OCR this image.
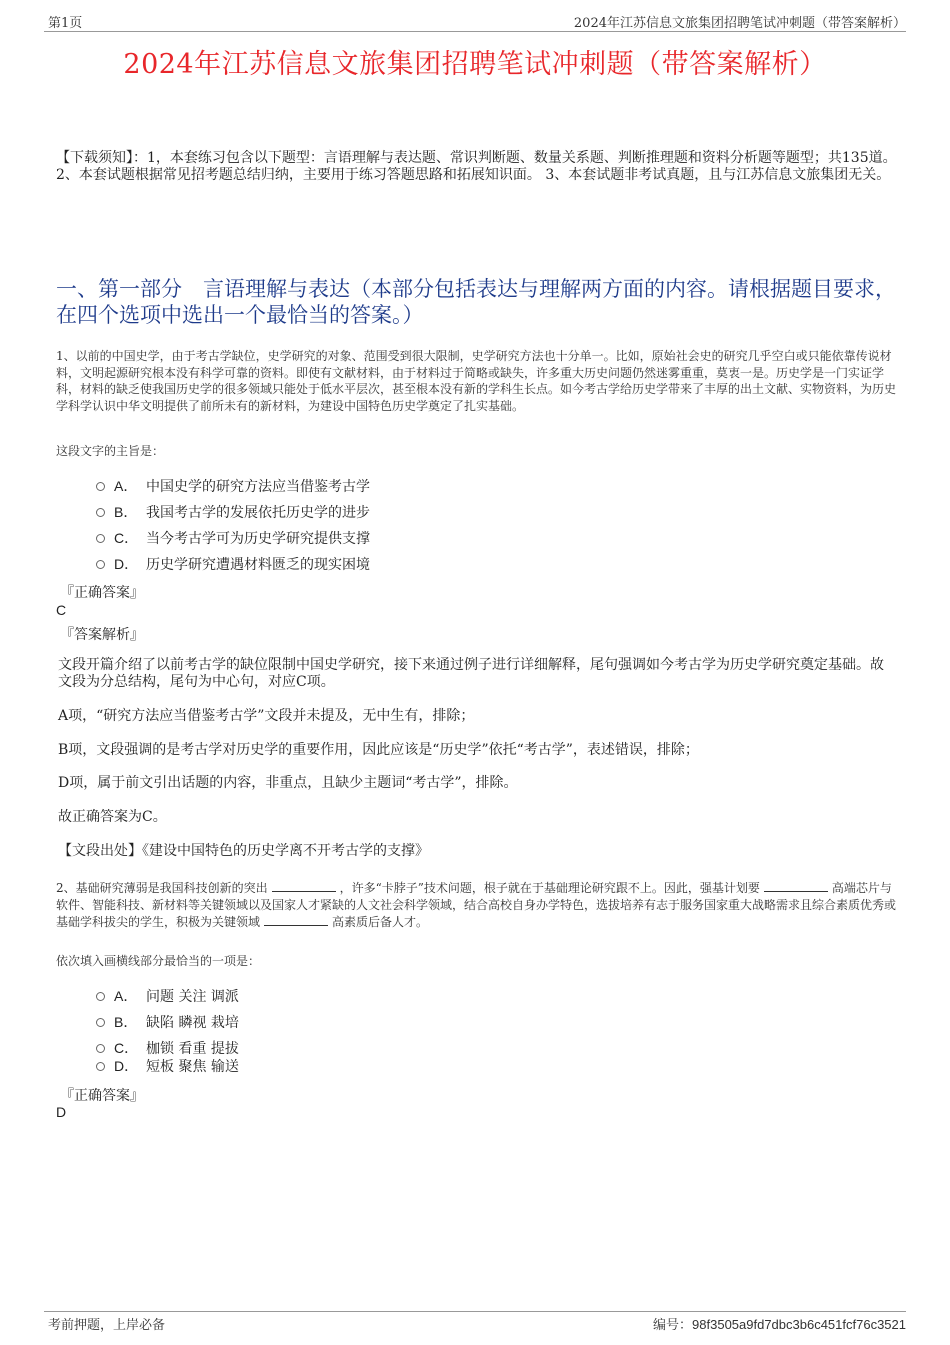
第1页	2024年江苏信息文旅集团招聘笔试冲刺题（带答案解析）
2024年江苏信息文旅集团招聘笔试冲刺题（带答案解析）
【下载须知】：1，本套练习包含以下题型：言语理解与表达题、常识判断题、数量关系题、判断推理题和资料分析题等题型；共135道。 2、本套试题根据常见招考题总结归纳，主要用于练习答题思路和拓展知识面。 3、本套试题非考试真题，且与江苏信息文旅集团无关。
一、第一部分　言语理解与表达（本部分包括表达与理解两方面的内容。请根据题目要求，在四个选项中选出一个最恰当的答案。）
1、以前的中国史学，由于考古学缺位，史学研究的对象、范围受到很大限制，史学研究方法也十分单一。比如，原始社会史的研究几乎空白或只能依靠传说材料，文明起源研究根本没有科学可靠的资料。即使有文献材料，由于材料过于简略或缺失，许多重大历史问题仍然迷雾重重，莫衷一是。历史学是一门实证学科，材料的缺乏使我国历史学的很多领域只能处于低水平层次，甚至根本没有新的学科生长点。如今考古学给历史学带来了丰厚的出土文献、实物资料，为历史学科学认识中华文明提供了前所未有的新材料，为建设中国特色历史学奠定了扎实基础。
这段文字的主旨是：
A． 中国史学的研究方法应当借鉴考古学
B． 我国考古学的发展依托历史学的进步
C． 当今考古学可为历史学研究提供支撑
D． 历史学研究遭遇材料匮乏的现实困境
『正确答案』
C
『答案解析』
文段开篇介绍了以前考古学的缺位限制中国史学研究，接下来通过例子进行详细解释，尾句强调如今考古学为历史学研究奠定基础。故文段为分总结构，尾句为中心句，对应C项。
A项，“研究方法应当借鉴考古学”文段并未提及，无中生有，排除；
B项，文段强调的是考古学对历史学的重要作用，因此应该是“历史学”依托“考古学”，表述错误，排除；
D项，属于前文引出话题的内容，非重点，且缺少主题词“考古学”，排除。
故正确答案为C。
【文段出处】《建设中国特色的历史学离不开考古学的支撑》
2、基础研究薄弱是我国科技创新的突出	，许多“卡脖子”技术问题，根子就在于基础理论研究跟不上。因此，强基计划要	高端芯片与软件、智能科技、新材料等关键领域以及国家人才紧缺的人文社会科学领域，结合高校自身办学特色，选拔培养有志于服务国家重大战略需求且综合素质优秀或基础学科拔尖的学生，积极为关键领域	高素质后备人才。
依次填入画横线部分最恰当的一项是：
A． 问题 关注 调派
B． 缺陷 瞵视 栽培
C． 枷锁 看重 提拔
D． 短板 聚焦 输送
『正确答案』
D
考前押题，上岸必备	编号：98f3505a9fd7dbc3b6c451fcf76c3521
